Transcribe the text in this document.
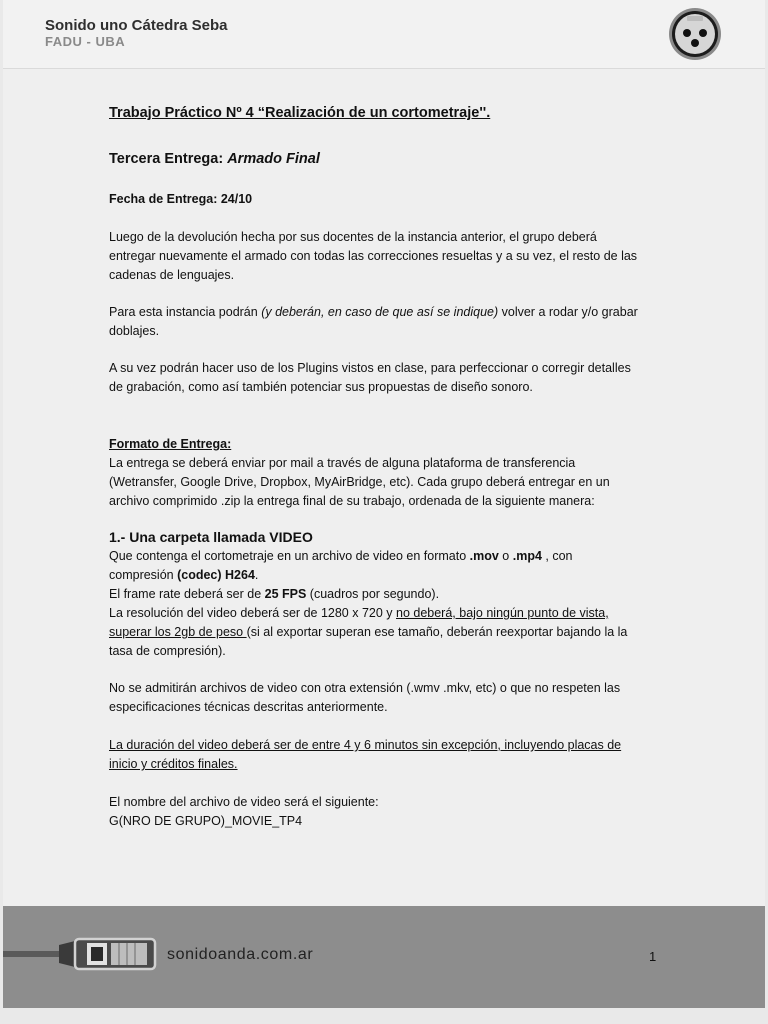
Sonido uno Cátedra Seba
FADU - UBA
Trabajo Práctico Nº 4 “Realización de un cortometraje''.
Tercera Entrega: Armado Final
Fecha de Entrega: 24/10
Luego de la devolución hecha por sus docentes de la instancia anterior, el grupo deberá
entregar nuevamente el armado con todas las correcciones resueltas y a su vez, el resto de las
cadenas de lenguajes.
Para esta instancia podrán (y deberán, en caso de que así se indique) volver a rodar y/o grabar
doblajes.
A su vez podrán hacer uso de los Plugins vistos en clase, para perfeccionar o corregir detalles
de grabación, como así también potenciar sus propuestas de diseño sonoro.
Formato de Entrega:
La entrega se deberá enviar por mail a través de alguna plataforma de transferencia
(Wetransfer, Google Drive, Dropbox, MyAirBridge, etc). Cada grupo deberá entregar en un
archivo comprimido .zip la entrega final de su trabajo, ordenada de la siguiente manera:
1.- Una carpeta llamada VIDEO
Que contenga el cortometraje en un archivo de video en formato .mov o .mp4 , con
compresión (codec) H264.
El frame rate deberá ser de 25 FPS (cuadros por segundo).
La resolución del video deberá ser de 1280 x 720 y no deberá, bajo ningún punto de vista,
superar los 2gb de peso (si al exportar superan ese tamaño, deberán reexportar bajando la la
tasa de compresión).
No se admitirán archivos de video con otra extensión (.wmv .mkv, etc) o que no respeten las
especificaciones técnicas descritas anteriormente.
La duración del video deberá ser de entre 4 y 6 minutos sin excepción, incluyendo placas de
inicio y créditos finales.
El nombre del archivo de video será el siguiente:
G(NRO DE GRUPO)_MOVIE_TP4
sonidoanda.com.ar	1
